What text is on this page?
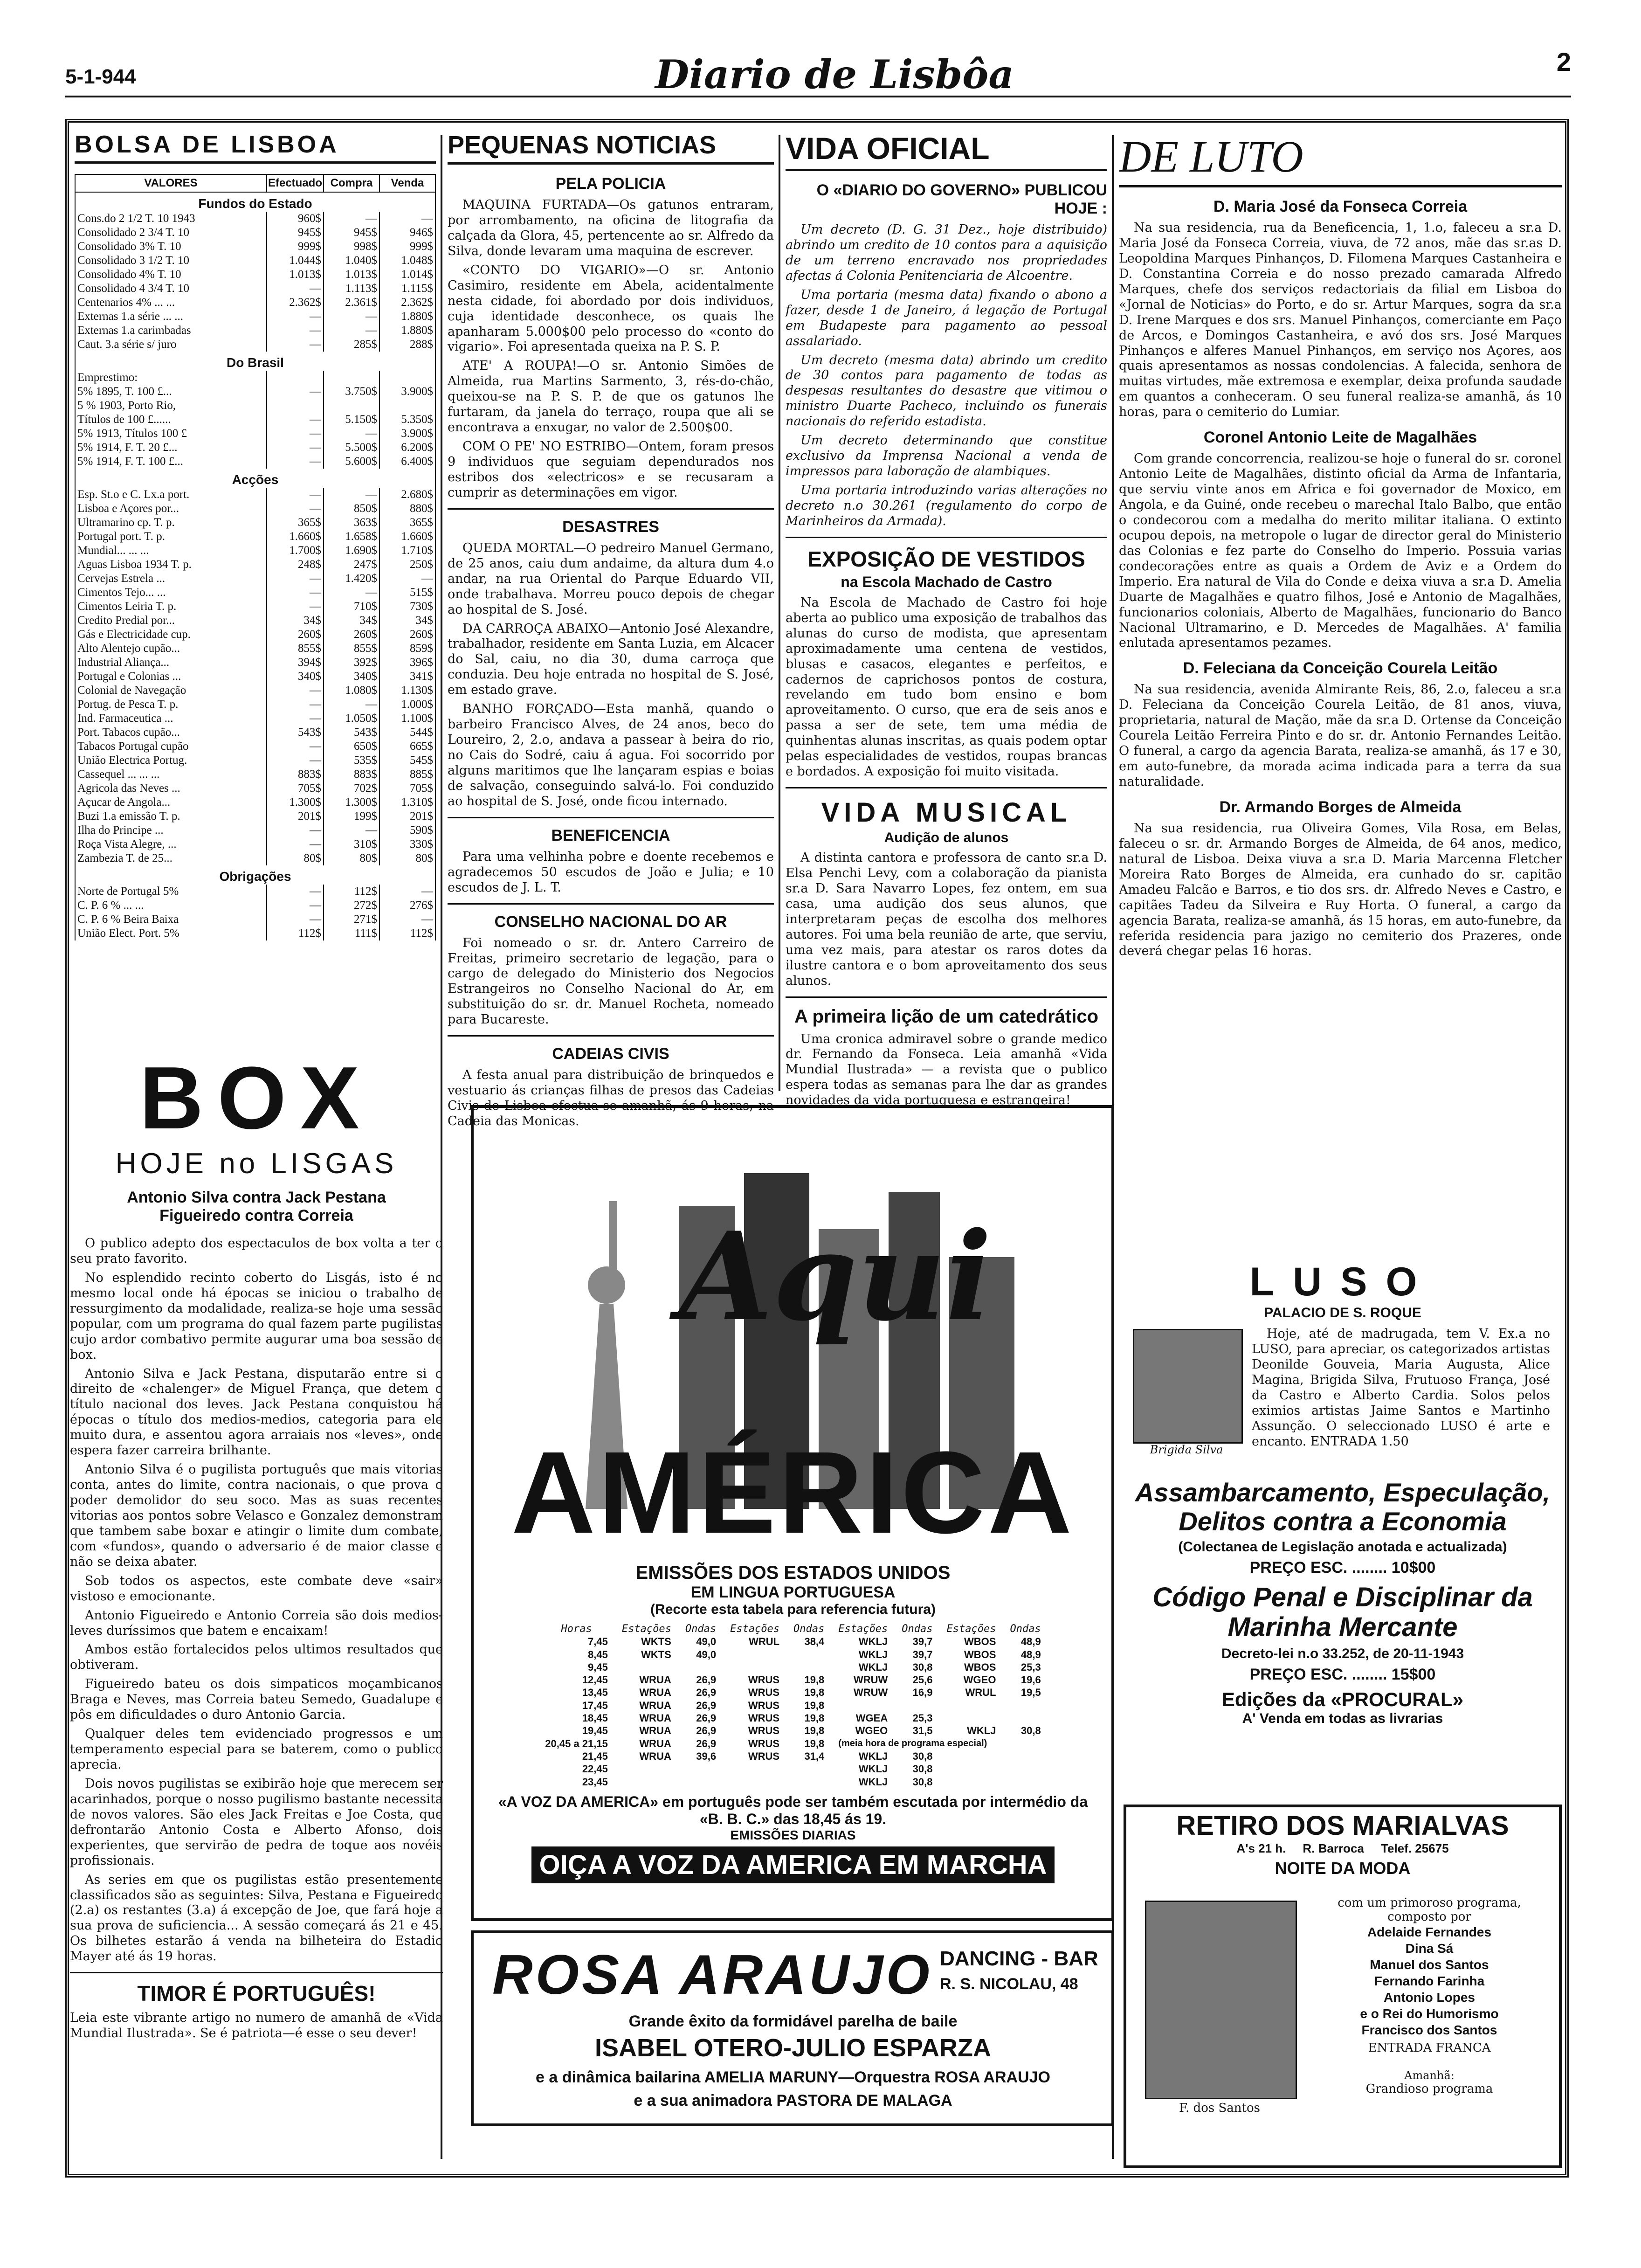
5-1-944	Diario de Lisbôa	2
BOLSA DE LISBOA
VALORES	Efectuado	Compra	Venda
Fundos do Estado			
Cons.do 2 1/2 T. 10 1943	960$	—	—
Consolidado 2 3/4 T. 10	945$	945$	946$
Consolidado 3% T. 10	999$	998$	999$
Consolidado 3 1/2 T. 10	1.044$	1.040$	1.048$
Consolidado 4% T. 10	1.013$	1.013$	1.014$
Consolidado 4 3/4 T. 10	—	1.113$	1.115$
Centenarios 4% ... ...	2.362$	2.361$	2.362$
Externas 1.a série ... ...	—	—	1.880$
Externas 1.a carimbadas	—	—	1.880$
Caut. 3.a série s/ juro	—	285$	288$
Do Brasil			
Emprestimo:			
5% 1895, T. 100 £...	—	3.750$	3.900$
5 % 1903, Porto Rio,			
Títulos de 100 £......	—	5.150$	5.350$
5% 1913, Títulos 100 £	—	—	3.900$
5% 1914, F. T. 20 £...	—	5.500$	6.200$
5% 1914, F. T. 100 £...	—	5.600$	6.400$
Acções			
Esp. St.o e C. Lx.a port.	—	—	2.680$
Lisboa e Açores por...	—	850$	880$
Ultramarino cp. T. p.	365$	363$	365$
Portugal port. T. p.	1.660$	1.658$	1.660$
Mundial... ... ...	1.700$	1.690$	1.710$
Aguas Lisboa 1934 T. p.	248$	247$	250$
Cervejas Estrela ...	—	1.420$	—
Cimentos Tejo... ...	—	—	515$
Cimentos Leiria T. p.	—	710$	730$
Credito Predial por...	34$	34$	34$
Gás e Electricidade cup.	260$	260$	260$
Alto Alentejo cupão...	855$	855$	859$
Industrial Aliança...	394$	392$	396$
Portugal e Colonias ...	340$	340$	341$
Colonial de Navegação	—	1.080$	1.130$
Portug. de Pesca T. p.	—	—	1.000$
Ind. Farmaceutica ...	—	1.050$	1.100$
Port. Tabacos cupão...	543$	543$	544$
Tabacos Portugal cupão	—	650$	665$
União Electrica Portug.	—	535$	545$
Cassequel ... ... ...	883$	883$	885$
Agricola das Neves ...	705$	702$	705$
Açucar de Angola...	1.300$	1.300$	1.310$
Buzi 1.a emissão T. p.	201$	199$	201$
Ilha do Principe ...	—	—	590$
Roça Vista Alegre, ...	—	310$	330$
Zambezia T. de 25...	80$	80$	80$
Obrigações			
Norte de Portugal 5%	—	112$	—
C. P. 6 % ... ...	—	272$	276$
C. P. 6 % Beira Baixa	—	271$	—
União Elect. Port. 5%	112$	111$	112$
BOX
HOJE no LISGAS
Antonio Silva contra Jack Pestana
Figueiredo contra Correia

O publico adepto dos espectaculos de box volta a ter o seu prato favorito.

No esplendido recinto coberto do Lisgás, isto é no mesmo local onde há épocas se iniciou o trabalho de ressurgimento da modalidade, realiza-se hoje uma sessão popular, com um programa do qual fazem parte pugilistas cujo ardor combativo permite augurar uma boa sessão de box.

Antonio Silva e Jack Pestana, disputarão entre si o direito de «chalenger» de Miguel França, que detem o título nacional dos leves. Jack Pestana conquistou há épocas o título dos medios-medios, categoria para ele muito dura, e assentou agora arraiais nos «leves», onde espera fazer carreira brilhante.

Antonio Silva é o pugilista português que mais vitorias conta, antes do limite, contra nacionais, o que prova o poder demolidor do seu soco. Mas as suas recentes vitorias aos pontos sobre Velasco e Gonzalez demonstram que tambem sabe boxar e atingir o limite dum combate, com «fundos», quando o adversario é de maior classe e não se deixa abater.

Sob todos os aspectos, este combate deve «sair» vistoso e emocionante.

Antonio Figueiredo e Antonio Correia são dois medios-leves duríssimos que batem e encaixam!

Ambos estão fortalecidos pelos ultimos resultados que obtiveram.

Figueiredo bateu os dois simpaticos moçambicanos Braga e Neves, mas Correia bateu Semedo, Guadalupe e pôs em dificuldades o duro Antonio Garcia.

Qualquer deles tem evidenciado progressos e um temperamento especial para se baterem, como o publico aprecia.

Dois novos pugilistas se exibirão hoje que merecem ser acarinhados, porque o nosso pugilismo bastante necessita de novos valores. São eles Jack Freitas e Joe Costa, que defrontarão Antonio Costa e Alberto Afonso, dois experientes, que servirão de pedra de toque aos novéis profissionais.

As series em que os pugilistas estão presentemente classificados são as seguintes: Silva, Pestana e Figueiredo (2.a) os restantes (3.a) á excepção de Joe, que fará hoje a sua prova de suficiencia... A sessão começará ás 21 e 45. Os bilhetes estarão á venda na bilheteira do Estadio Mayer até ás 19 horas.

TIMOR É PORTUGUÊS!

Leia este vibrante artigo no numero de amanhã de «Vida Mundial Ilustrada». Se é patriota—é esse o seu dever!

PEQUENAS NOTICIAS
PELA POLICIA

MAQUINA FURTADA—Os gatunos entraram, por arrombamento, na oficina de litografia da calçada da Glora, 45, pertencente ao sr. Alfredo da Silva, donde levaram uma maquina de escrever.

«CONTO DO VIGARIO»—O sr. Antonio Casimiro, residente em Abela, acidentalmente nesta cidade, foi abordado por dois individuos, cuja identidade desconhece, os quais lhe apanharam 5.000$00 pelo processo do «conto do vigario». Foi apresentada queixa na P. S. P.

ATE' A ROUPA!—O sr. Antonio Simões de Almeida, rua Martins Sarmento, 3, rés-do-chão, queixou-se na P. S. P. de que os gatunos lhe furtaram, da janela do terraço, roupa que ali se encontrava a enxugar, no valor de 2.500$00.

COM O PE' NO ESTRIBO—Ontem, foram presos 9 individuos que seguiam dependurados nos estribos dos «electricos» e se recusaram a cumprir as determinações em vigor.

DESASTRES

QUEDA MORTAL—O pedreiro Manuel Germano, de 25 anos, caiu dum andaime, da altura dum 4.o andar, na rua Oriental do Parque Eduardo VII, onde trabalhava. Morreu pouco depois de chegar ao hospital de S. José.

DA CARROÇA ABAIXO—Antonio José Alexandre, trabalhador, residente em Santa Luzia, em Alcacer do Sal, caiu, no dia 30, duma carroça que conduzia. Deu hoje entrada no hospital de S. José, em estado grave.

BANHO FORÇADO—Esta manhã, quando o barbeiro Francisco Alves, de 24 anos, beco do Loureiro, 2, 2.o, andava a passear à beira do rio, no Cais do Sodré, caiu á agua. Foi socorrido por alguns maritimos que lhe lançaram espias e boias de salvação, conseguindo salvá-lo. Foi conduzido ao hospital de S. José, onde ficou internado.

BENEFICENCIA

Para uma velhinha pobre e doente recebemos e agradecemos 50 escudos de João e Julia; e 10 escudos de J. L. T.

CONSELHO NACIONAL DO AR

Foi nomeado o sr. dr. Antero Carreiro de Freitas, primeiro secretario de legação, para o cargo de delegado do Ministerio dos Negocios Estrangeiros no Conselho Nacional do Ar, em substituição do sr. dr. Manuel Rocheta, nomeado para Bucareste.

CADEIAS CIVIS

A festa anual para distribuição de brinquedos e vestuario ás crianças filhas de presos das Cadeias Civis de Lisboa efectua-se amanhã, ás 9 horas, na Cadeia das Monicas.

VIDA OFICIAL
O «DIARIO DO GOVERNO» PUBLICOU HOJE :

Um decreto (D. G. 31 Dez., hoje distribuido) abrindo um credito de 10 contos para a aquisição de um terreno encravado nos propriedades afectas á Colonia Penitenciaria de Alcoentre.

Uma portaria (mesma data) fixando o abono a fazer, desde 1 de Janeiro, á legação de Portugal em Budapeste para pagamento ao pessoal assalariado.

Um decreto (mesma data) abrindo um credito de 30 contos para pagamento de todas as despesas resultantes do desastre que vitimou o ministro Duarte Pacheco, incluindo os funerais nacionais do referido estadista.

Um decreto determinando que constitue exclusivo da Imprensa Nacional a venda de impressos para laboração de alambiques.

Uma portaria introduzindo varias alterações no decreto n.o 30.261 (regulamento do corpo de Marinheiros da Armada).

EXPOSIÇÃO DE VESTIDOS
na Escola Machado de Castro

Na Escola de Machado de Castro foi hoje aberta ao publico uma exposição de trabalhos das alunas do curso de modista, que apresentam aproximadamente uma centena de vestidos, blusas e casacos, elegantes e perfeitos, e cadernos de caprichosos pontos de costura, revelando em tudo bom ensino e bom aproveitamento. O curso, que era de seis anos e passa a ser de sete, tem uma média de quinhentas alunas inscritas, as quais podem optar pelas especialidades de vestidos, roupas brancas e bordados. A exposição foi muito visitada.

VIDA MUSICAL
Audição de alunos

A distinta cantora e professora de canto sr.a D. Elsa Penchi Levy, com a colaboração da pianista sr.a D. Sara Navarro Lopes, fez ontem, em sua casa, uma audição dos seus alunos, que interpretaram peças de escolha dos melhores autores. Foi uma bela reunião de arte, que serviu, uma vez mais, para atestar os raros dotes da ilustre cantora e o bom aproveitamento dos seus alunos.

A primeira lição de um catedrático

Uma cronica admiravel sobre o grande medico dr. Fernando da Fonseca. Leia amanhã «Vida Mundial Ilustrada» — a revista que o publico espera todas as semanas para lhe dar as grandes novidades da vida portuguesa e estrangeira!

DE LUTO
D. Maria José da Fonseca Correia

Na sua residencia, rua da Beneficencia, 1, 1.o, faleceu a sr.a D. Maria José da Fonseca Correia, viuva, de 72 anos, mãe das sr.as D. Leopoldina Marques Pinhanços, D. Filomena Marques Castanheira e D. Constantina Correia e do nosso prezado camarada Alfredo Marques, chefe dos serviços redactoriais da filial em Lisboa do «Jornal de Noticias» do Porto, e do sr. Artur Marques, sogra da sr.a D. Irene Marques e dos srs. Manuel Pinhanços, comerciante em Paço de Arcos, e Domingos Castanheira, e avó dos srs. José Marques Pinhanços e alferes Manuel Pinhanços, em serviço nos Açores, aos quais apresentamos as nossas condolencias. A falecida, senhora de muitas virtudes, mãe extremosa e exemplar, deixa profunda saudade em quantos a conheceram. O seu funeral realiza-se amanhã, ás 10 horas, para o cemiterio do Lumiar.

Coronel Antonio Leite de Magalhães

Com grande concorrencia, realizou-se hoje o funeral do sr. coronel Antonio Leite de Magalhães, distinto oficial da Arma de Infantaria, que serviu vinte anos em Africa e foi governador de Moxico, em Angola, e da Guiné, onde recebeu o marechal Italo Balbo, que então o condecorou com a medalha do merito militar italiana. O extinto ocupou depois, na metropole o lugar de director geral do Ministerio das Colonias e fez parte do Conselho do Imperio. Possuia varias condecorações entre as quais a Ordem de Aviz e a Ordem do Imperio. Era natural de Vila do Conde e deixa viuva a sr.a D. Amelia Duarte de Magalhães e quatro filhos, José e Antonio de Magalhães, funcionarios coloniais, Alberto de Magalhães, funcionario do Banco Nacional Ultramarino, e D. Mercedes de Magalhães. A' familia enlutada apresentamos pezames.

D. Feleciana da Conceição Courela Leitão

Na sua residencia, avenida Almirante Reis, 86, 2.o, faleceu a sr.a D. Feleciana da Conceição Courela Leitão, de 81 anos, viuva, proprietaria, natural de Mação, mãe da sr.a D. Ortense da Conceição Courela Leitão Ferreira Pinto e do sr. dr. Antonio Fernandes Leitão. O funeral, a cargo da agencia Barata, realiza-se amanhã, ás 17 e 30, em auto-funebre, da morada acima indicada para a terra da sua naturalidade.

Dr. Armando Borges de Almeida

Na sua residencia, rua Oliveira Gomes, Vila Rosa, em Belas, faleceu o sr. dr. Armando Borges de Almeida, de 64 anos, medico, natural de Lisboa. Deixa viuva a sr.a D. Maria Marcenna Fletcher Moreira Rato Borges de Almeida, era cunhado do sr. capitão Amadeu Falcão e Barros, e tio dos srs. dr. Alfredo Neves e Castro, e capitães Tadeu da Silveira e Ruy Horta. O funeral, a cargo da agencia Barata, realiza-se amanhã, ás 15 horas, em auto-funebre, da referida residencia para jazigo no cemiterio dos Prazeres, onde deverá chegar pelas 16 horas.

LUSO
PALACIO DE S. ROQUE
Brigida Silva

Hoje, até de madrugada, tem V. Ex.a no LUSO, para apreciar, os categorizados artistas Deonilde Gouveia, Maria Augusta, Alice Magina, Brigida Silva, Frutuoso França, José da Castro e Alberto Cardia. Solos pelos eximios artistas Jaime Santos e Martinho Assunção. O seleccionado LUSO é arte e encanto. ENTRADA 1.50

Assambarcamento, Especulação, Delitos contra a Economia
(Colectanea de Legislação anotada e actualizada)
PREÇO ESC. ........ 10$00
Código Penal e Disciplinar da Marinha Mercante
Decreto-lei n.o 33.252, de 20-11-1943
PREÇO ESC. ........ 15$00
Edições da «PROCURAL»
A' Venda em todas as livrarias
RETIRO DOS MARIALVAS
A's 21 h.     R. Barroca     Telef. 25675
NOITE DA MODA
F. dos Santos
com um primoroso programa, composto por
Adelaide Fernandes
Dina Sá
Manuel dos Santos
Fernando Farinha
Antonio Lopes
e o Rei do Humorismo
Francisco dos Santos
ENTRADA FRANCA
Amanhã:
Grandioso programa
Aqui
AMÉRICA
EMISSÕES DOS ESTADOS UNIDOS
EM LINGUA PORTUGUESA
(Recorte esta tabela para referencia futura)
Horas	Estações	Ondas	Estações	Ondas	Estações	Ondas	Estações	Ondas
7,45	WKTS	49,0	WRUL	38,4	WKLJ	39,7	WBOS	48,9
8,45	WKTS	49,0			WKLJ	39,7	WBOS	48,9
9,45					WKLJ	30,8	WBOS	25,3
12,45	WRUA	26,9	WRUS	19,8	WRUW	25,6	WGEO	19,6
13,45	WRUA	26,9	WRUS	19,8	WRUW	16,9	WRUL	19,5
17,45	WRUA	26,9	WRUS	19,8				
18,45	WRUA	26,9	WRUS	19,8	WGEA	25,3		
19,45	WRUA	26,9	WRUS	19,8	WGEO	31,5	WKLJ	30,8
20,45 a 21,15	WRUA	26,9	WRUS	19,8	(meia hora de programa especial)			
21,45	WRUA	39,6	WRUS	31,4	WKLJ	30,8		
22,45					WKLJ	30,8		
23,45					WKLJ	30,8		
«A VOZ DA AMERICA» em português pode ser também escutada por intermédio da «B. B. C.» das 18,45 ás 19.
EMISSÕES DIARIAS
OIÇA A VOZ DA AMERICA EM MARCHA
ROSA ARAUJO DANCING - BAR
R. S. NICOLAU, 48
Grande êxito da formidável parelha de baile
ISABEL OTERO-JULIO ESPARZA
e a dinâmica bailarina AMELIA MARUNY—Orquestra ROSA ARAUJO
e a sua animadora PASTORA DE MALAGA
